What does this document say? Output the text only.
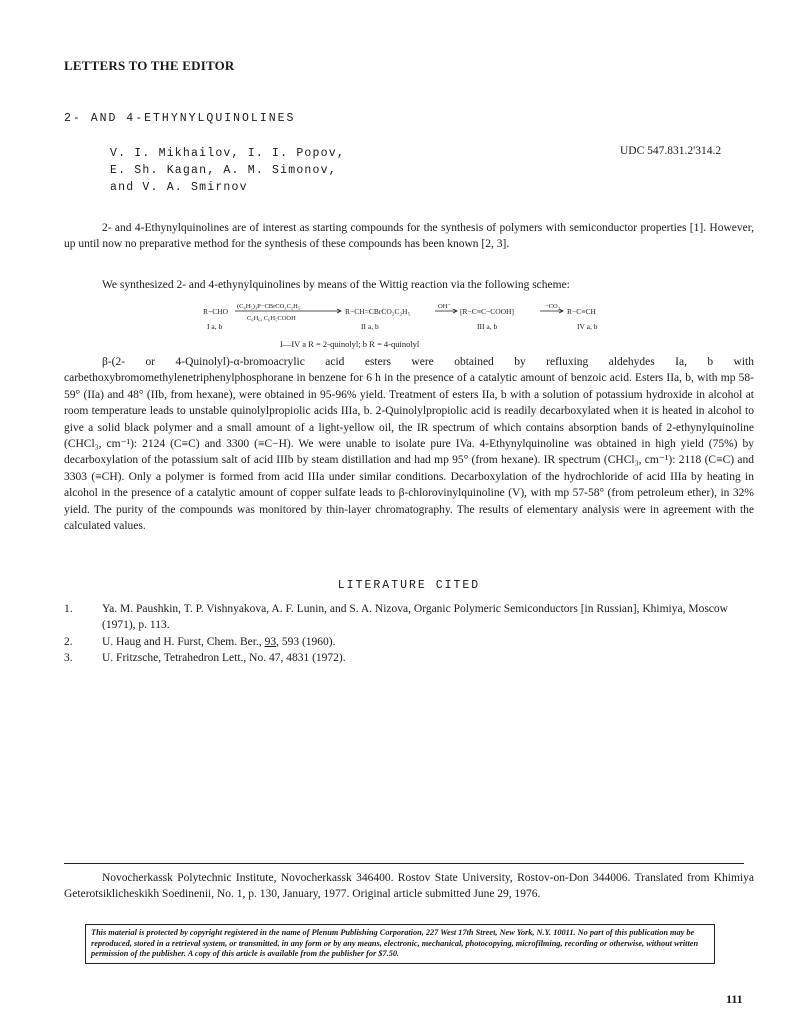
LETTERS TO THE EDITOR
2- AND 4-ETHYNYLQUINOLINES
V. I. Mikhailov, I. I. Popov,
E. Sh. Kagan, A. M. Simonov,
and V. A. Smirnov
UDC 547.831.2'314.2
2- and 4-Ethynylquinolines are of interest as starting compounds for the synthesis of polymers with semiconductor properties [1]. However, up until now no preparative method for the synthesis of these compounds has been known [2, 3].
We synthesized 2- and 4-ethynylquinolines by means of the Wittig reaction via the following scheme:
R−CHO
I a, b
(C₆H₅)₃P−CBrCO₂C₂H₅
C₆H₆, C₆H₅COOH
R−CH=CBrCO₂C₂H₅
II a, b
OH⁻
[R−C≡C−COOH]
III a, b
−CO₂
R−C≡CH
IV a, b
I—IV a R = 2-quinolyl; b R = 4-quinolyl
β-(2- or 4-Quinolyl)-α-bromoacrylic acid esters were obtained by refluxing aldehydes Ia, b with carbethoxybromomethylenetriphenylphosphorane in benzene for 6 h in the presence of a catalytic amount of benzoic acid. Esters IIa, b, with mp 58-59° (IIa) and 48° (IIb, from hexane), were obtained in 95-96% yield. Treatment of esters IIa, b with a solution of potassium hydroxide in alcohol at room temperature leads to unstable quinolylpropiolic acids IIIa, b. 2-Quinolylpropiolic acid is readily decarboxylated when it is heated in alcohol to give a solid black polymer and a small amount of a light-yellow oil, the IR spectrum of which contains absorption bands of 2-ethynylquinoline (CHCl₃, cm⁻¹): 2124 (C≡C) and 3300 (≡C−H). We were unable to isolate pure IVa. 4-Ethynylquinoline was obtained in high yield (75%) by decarboxylation of the potassium salt of acid IIIb by steam distillation and had mp 95° (from hexane). IR spectrum (CHCl₃, cm⁻¹): 2118 (C≡C) and 3303 (≡CH). Only a polymer is formed from acid IIIa under similar conditions. Decarboxylation of the hydrochloride of acid IIIa by heating in alcohol in the presence of a catalytic amount of copper sulfate leads to β-chlorovinylquinoline (V), with mp 57-58° (from petroleum ether), in 32% yield. The purity of the compounds was monitored by thin-layer chromatography. The results of elementary analysis were in agreement with the calculated values.
LITERATURE CITED
1.	Ya. M. Paushkin, T. P. Vishnyakova, A. F. Lunin, and S. A. Nizova, Organic Polymeric Semiconductors [in Russian], Khimiya, Moscow (1971), p. 113.
2.	U. Haug and H. Furst, Chem. Ber., 93, 593 (1960).
3.	U. Fritzsche, Tetrahedron Lett., No. 47, 4831 (1972).
Novocherkassk Polytechnic Institute, Novocherkassk 346400. Rostov State University, Rostov-on-Don 344006. Translated from Khimiya Geterotsiklicheskikh Soedinenii, No. 1, p. 130, January, 1977. Original article submitted June 29, 1976.
This material is protected by copyright registered in the name of Plenum Publishing Corporation, 227 West 17th Street, New York, N.Y. 10011. No part of this publication may be reproduced, stored in a retrieval system, or transmitted, in any form or by any means, electronic, mechanical, photocopying, microfilming, recording or otherwise, without written permission of the publisher. A copy of this article is available from the publisher for $7.50.
111
